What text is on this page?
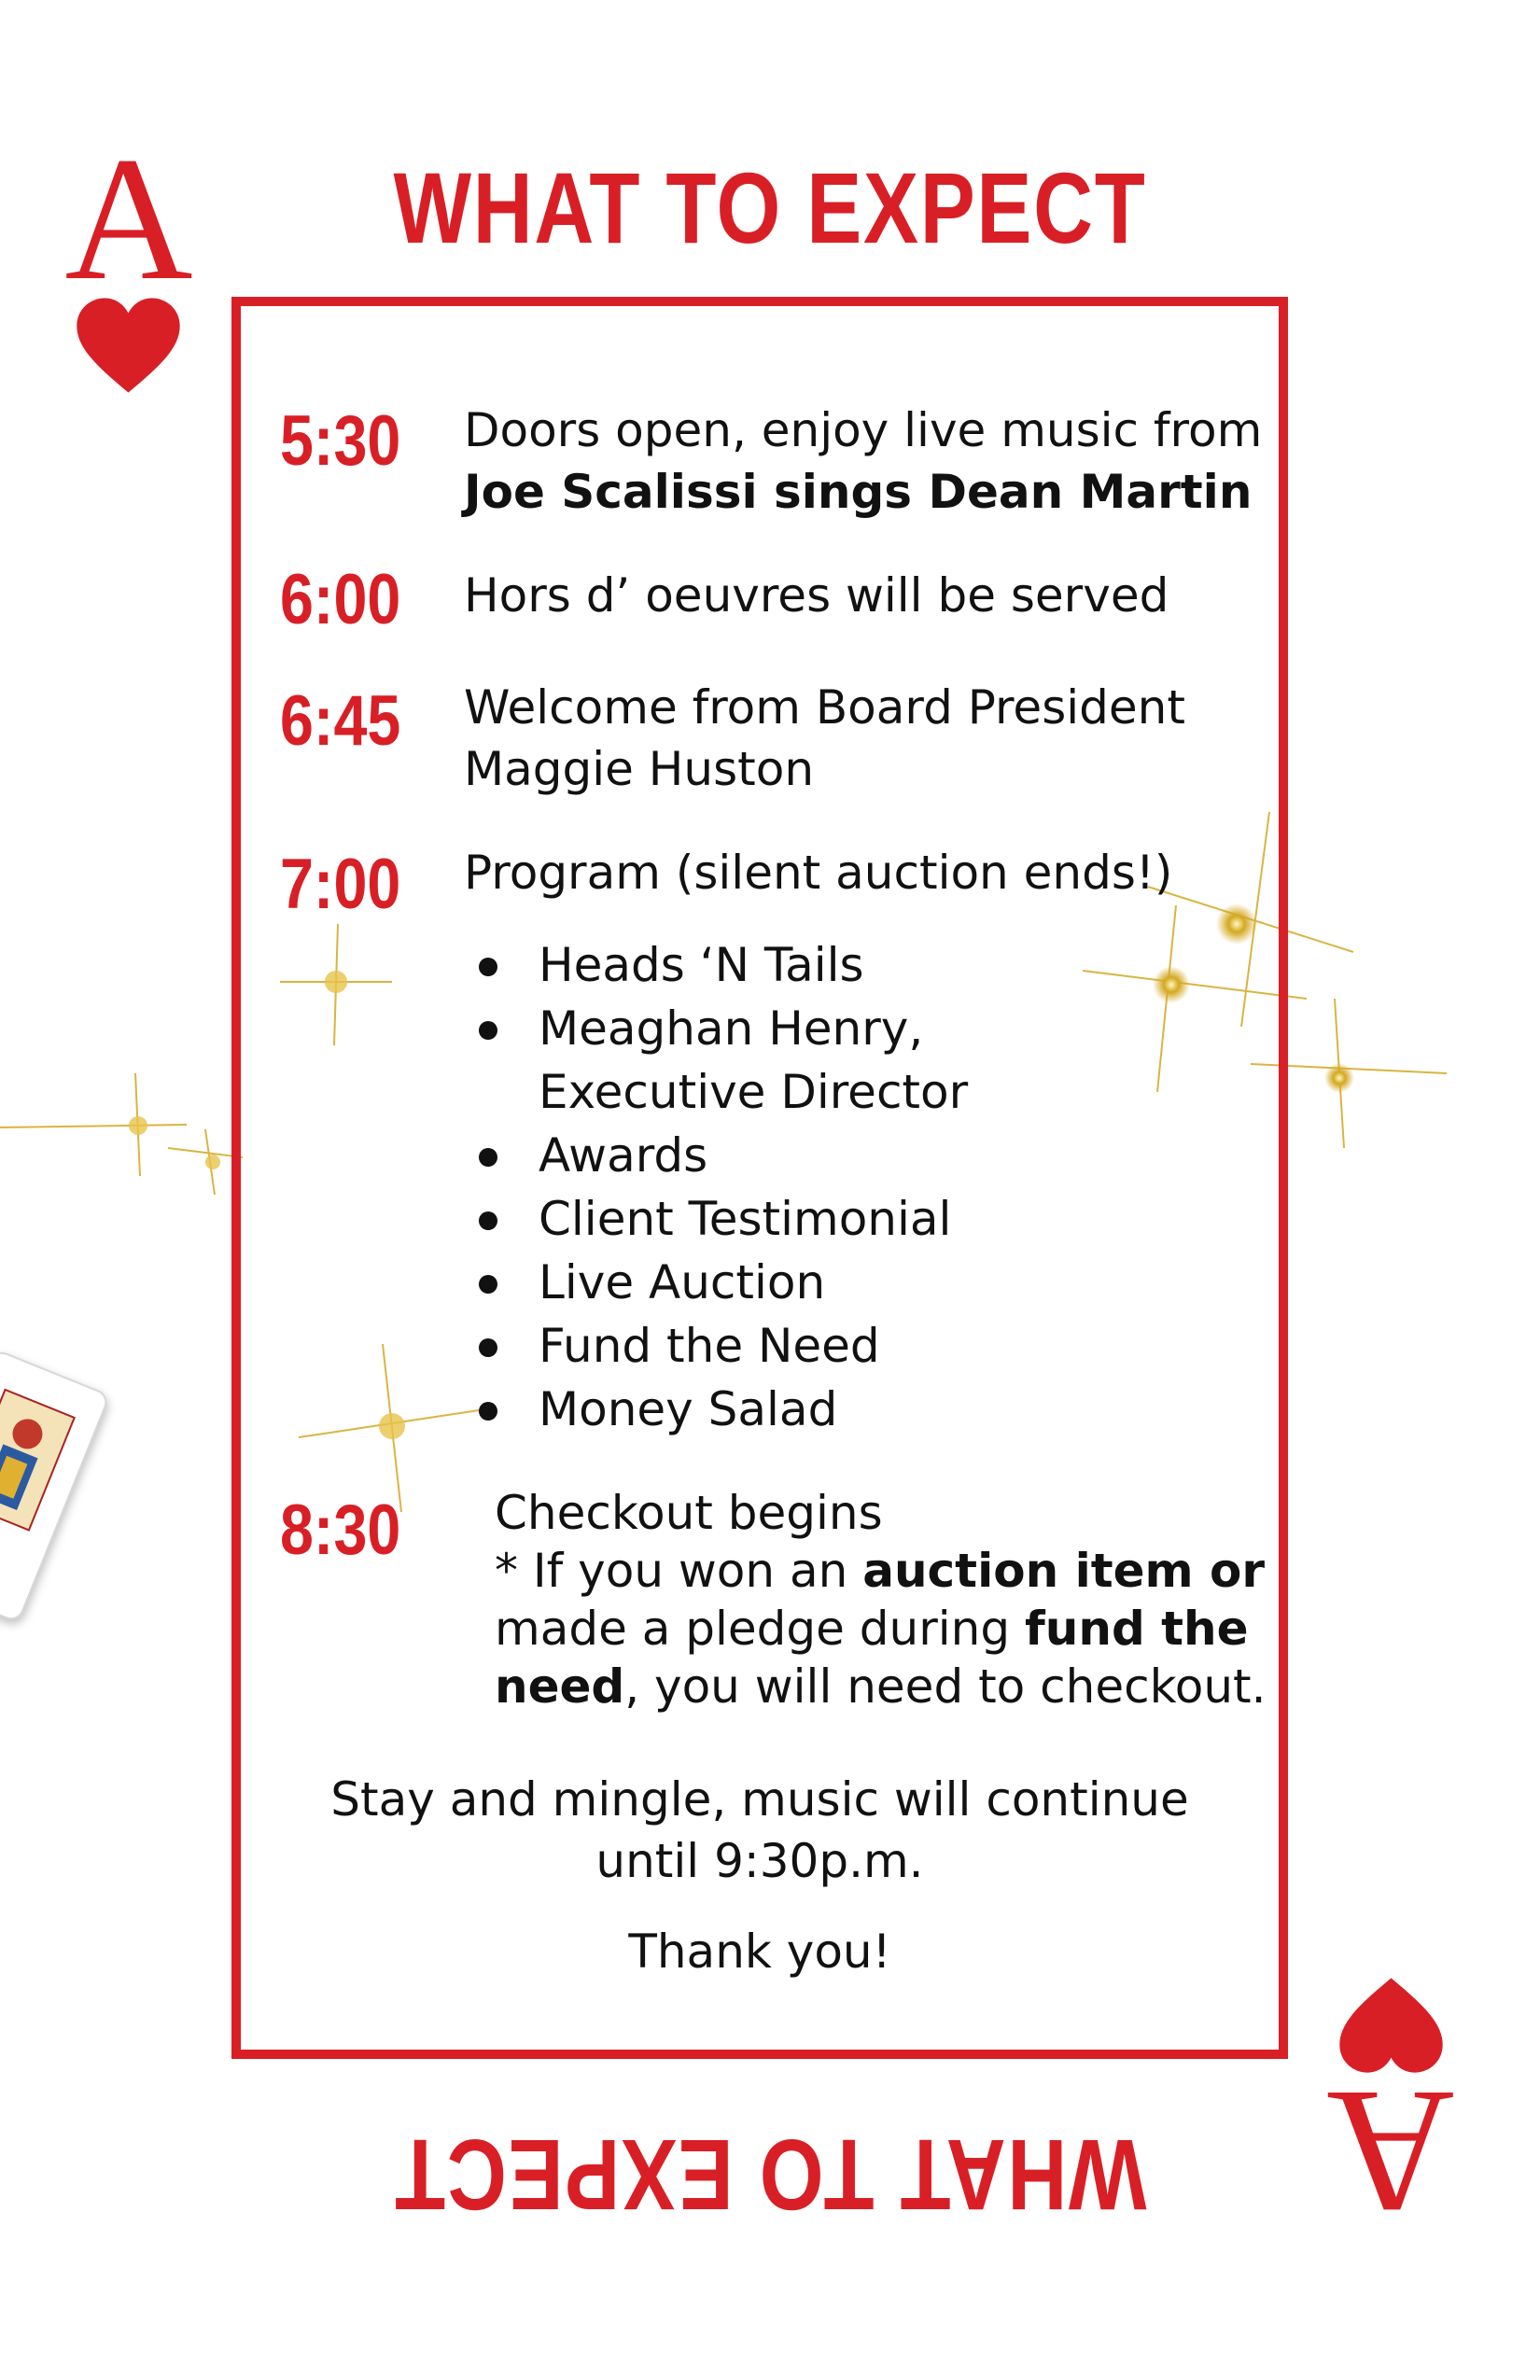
A
A
WHAT TO EXPECT
WHAT TO EXPECT
5:30 Doors open, enjoy live music from
Joe Scalissi sings Dean Martin
6:00 Hors d’ oeuvres will be served
6:45 Welcome from Board President
Maggie Huston
7:00 Program (silent auction ends!)
Heads ‘N Tails
Meaghan Henry,
Executive Director
Awards
Client Testimonial
Live Auction
Fund the Need
Money Salad
8:30 Checkout begins
* If you won an auction item or
made a pledge during fund the
need, you will need to checkout.
Stay and mingle, music will continue
until 9:30p.m.
Thank you!
